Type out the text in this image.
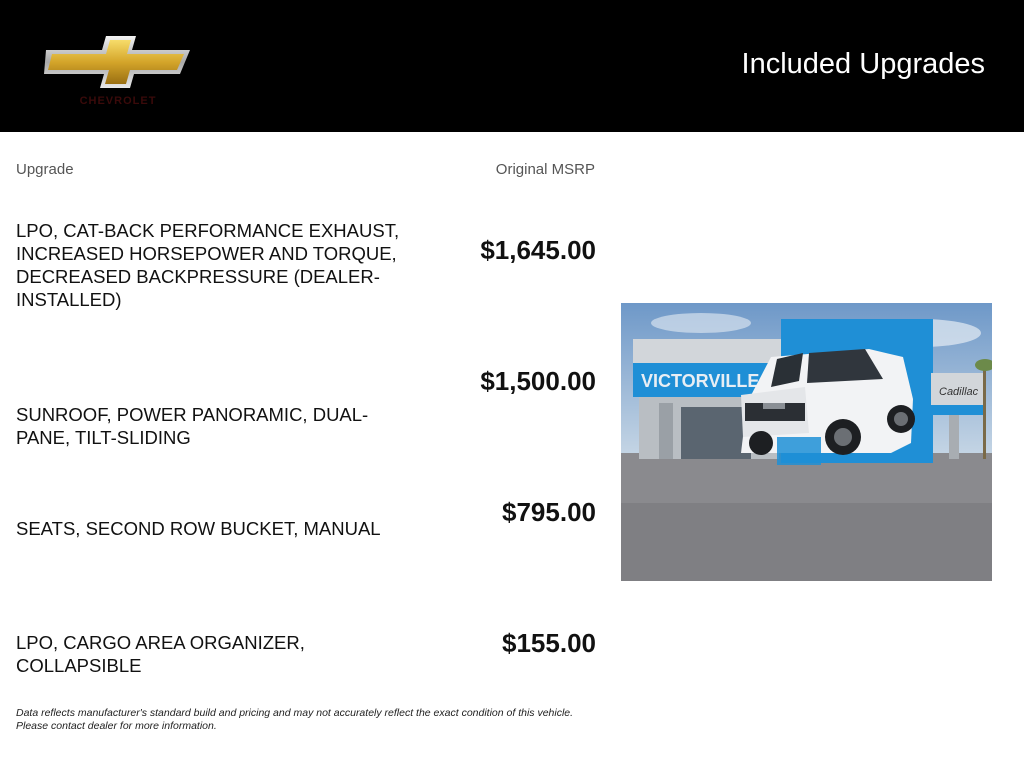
CHEVROLET
Included Upgrades
Upgrade	Original MSRP
LPO, CAT-BACK PERFORMANCE EXHAUST, INCREASED HORSEPOWER AND TORQUE, DECREASED BACKPRESSURE (DEALER-INSTALLED)
$1,645.00
SUNROOF, POWER PANORAMIC, DUAL-PANE, TILT-SLIDING
$1,500.00
SEATS, SECOND ROW BUCKET, MANUAL
$795.00
LPO, CARGO AREA ORGANIZER, COLLAPSIBLE
$155.00
VICTORVILLE
Cadillac
Data reflects manufacturer's standard build and pricing and may not accurately reflect the exact condition of this vehicle.
Please contact dealer for more information.
